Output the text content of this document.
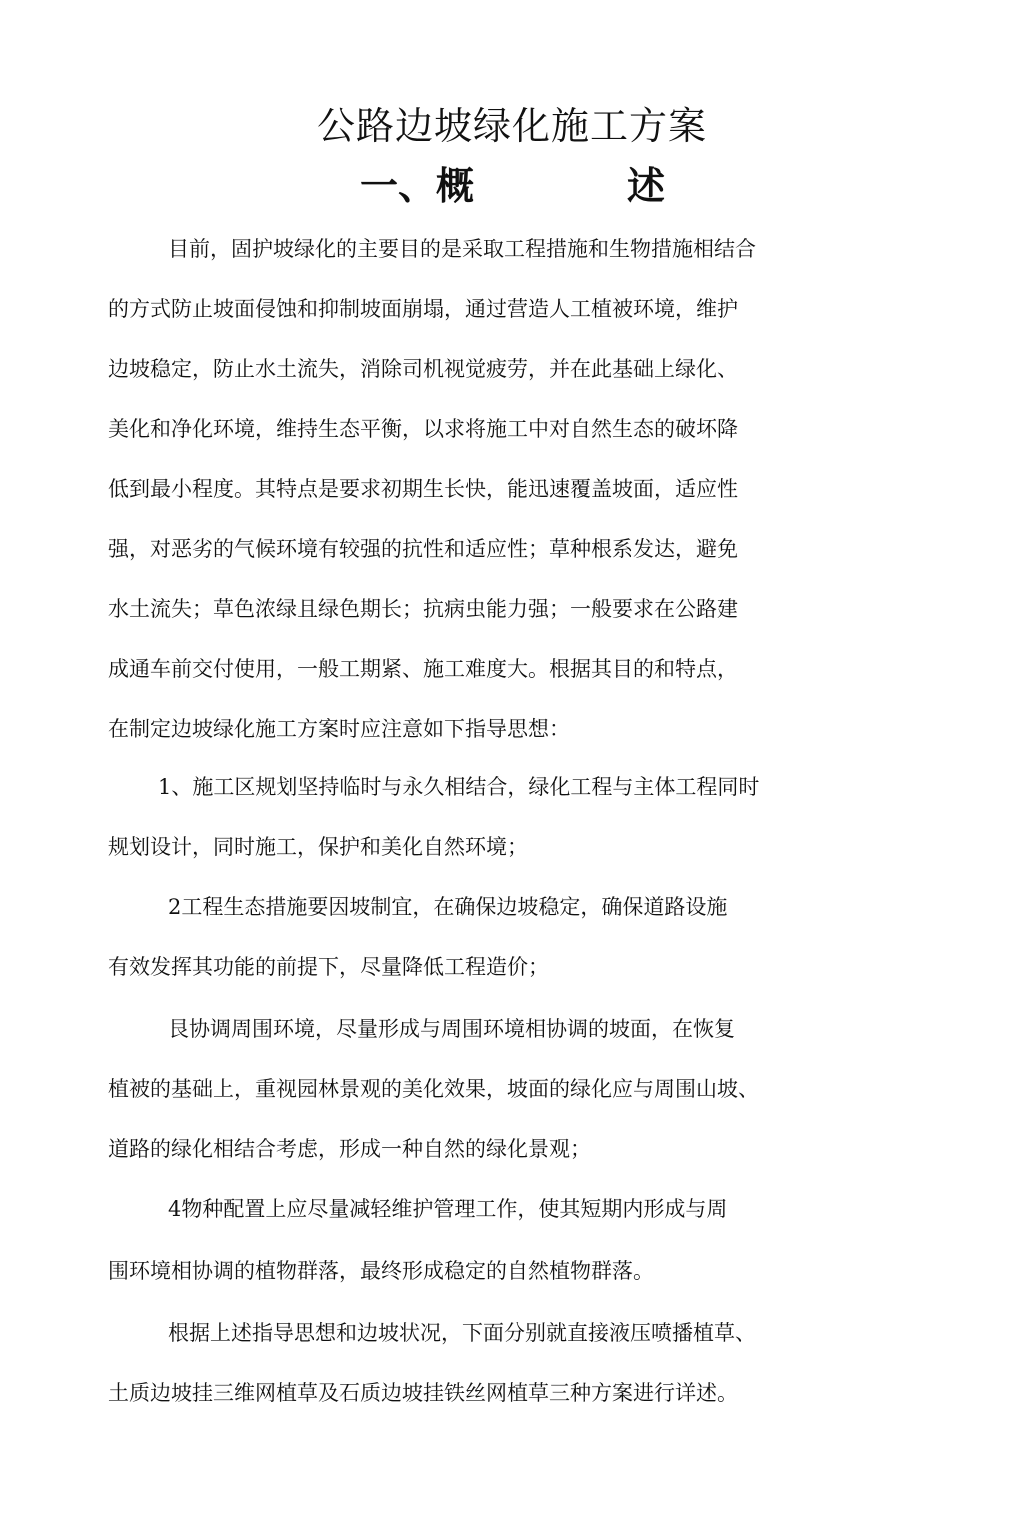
公路边坡绿化施工方案
一、概	述
目前，固护坡绿化的主要目的是采取工程措施和生物措施相结合
的方式防止坡面侵蚀和抑制坡面崩塌，通过营造人工植被环境，维护
边坡稳定，防止水土流失，消除司机视觉疲劳，并在此基础上绿化、
美化和净化环境，维持生态平衡，以求将施工中对自然生态的破坏降
低到最小程度。其特点是要求初期生长快，能迅速覆盖坡面，适应性
强，对恶劣的气候环境有较强的抗性和适应性；草种根系发达，避免
水土流失；草色浓绿且绿色期长；抗病虫能力强；一般要求在公路建
成通车前交付使用，一般工期紧、施工难度大。根据其目的和特点，
在制定边坡绿化施工方案时应注意如下指导思想：
1、施工区规划坚持临时与永久相结合，绿化工程与主体工程同时
规划设计，同时施工，保护和美化自然环境；
2工程生态措施要因坡制宜，在确保边坡稳定，确保道路设施
有效发挥其功能的前提下，尽量降低工程造价；
艮协调周围环境，尽量形成与周围环境相协调的坡面，在恢复
植被的基础上，重视园林景观的美化效果，坡面的绿化应与周围山坡、
道路的绿化相结合考虑，形成一种自然的绿化景观；
4物种配置上应尽量减轻维护管理工作，使其短期内形成与周
围环境相协调的植物群落，最终形成稳定的自然植物群落。
根据上述指导思想和边坡状况，下面分别就直接液压喷播植草、
土质边坡挂三维网植草及石质边坡挂铁丝网植草三种方案进行详述。
